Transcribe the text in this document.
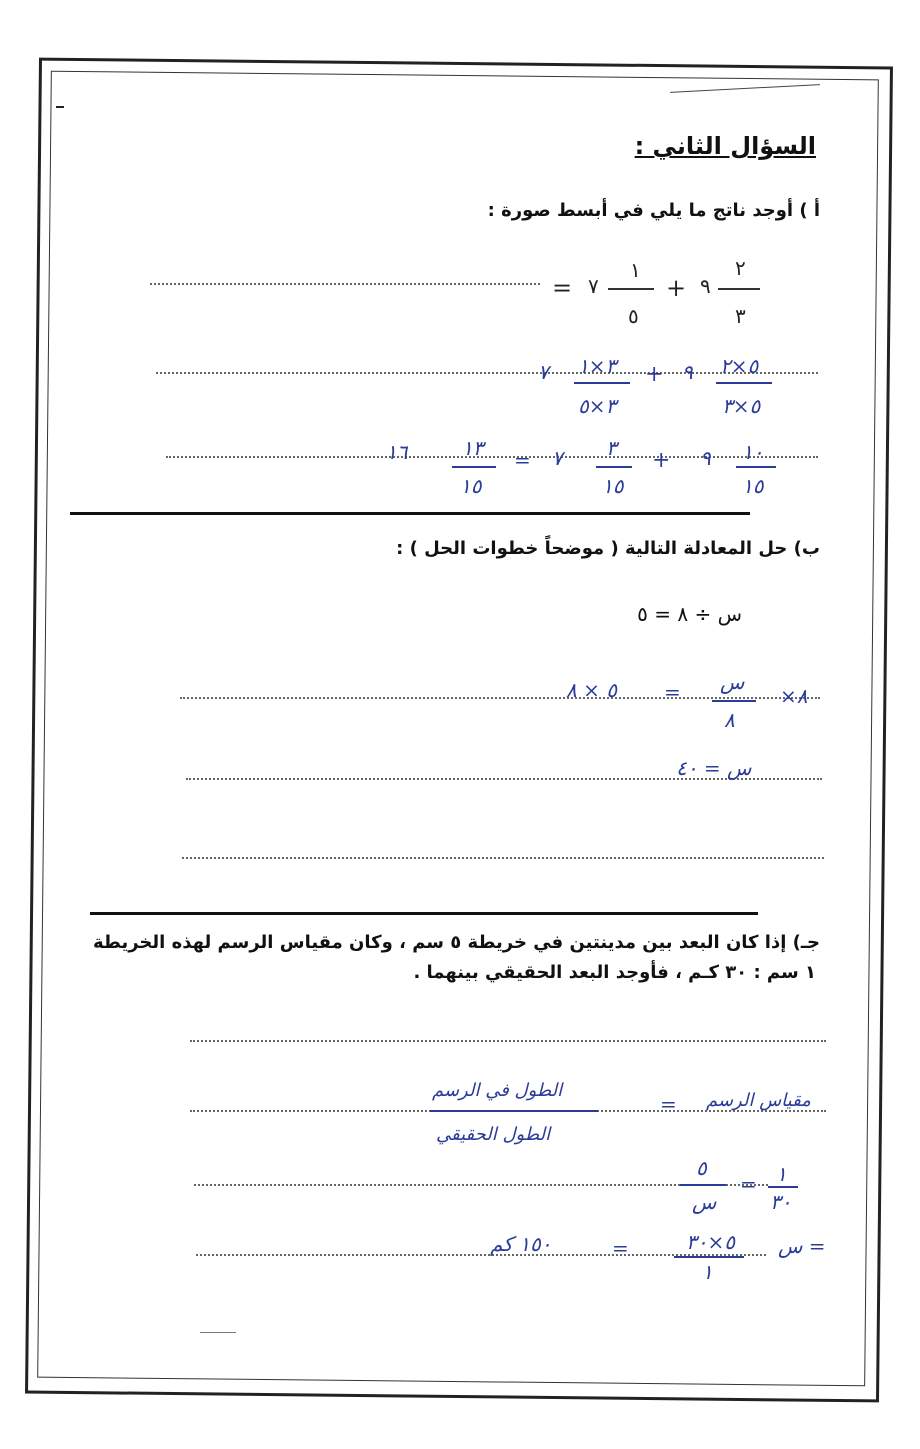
السؤال الثاني :
أ ) أوجد ناتج ما يلي في أبسط صورة :
٢
٣
٩
+
١
٥
٧
=
٥×٢
٥×٣
٩
+
٣×١
٣×٥
٧
١٠
١٥
٩
+
٣
١٥
٧
=
١٣
١٥
١٦
ب) حل المعادلة التالية ( موضحاً خطوات الحل ) :
س ÷ ٨ = ٥
×٨
س
٨
=
٥ × ٨
س = ٤٠
جـ) إذا كان البعد بين مدينتين في خريطة ٥ سم ، وكان مقياس الرسم لهذه الخريطة
١ سم : ٣٠ كـم ، فأوجد البعد الحقيقي بينهما .
مقياس الرسم
=
الطول في الرسم
الطول الحقيقي
١
٣٠
=
٥
س
س =
٥×٣٠
١
=
١٥٠ كم
